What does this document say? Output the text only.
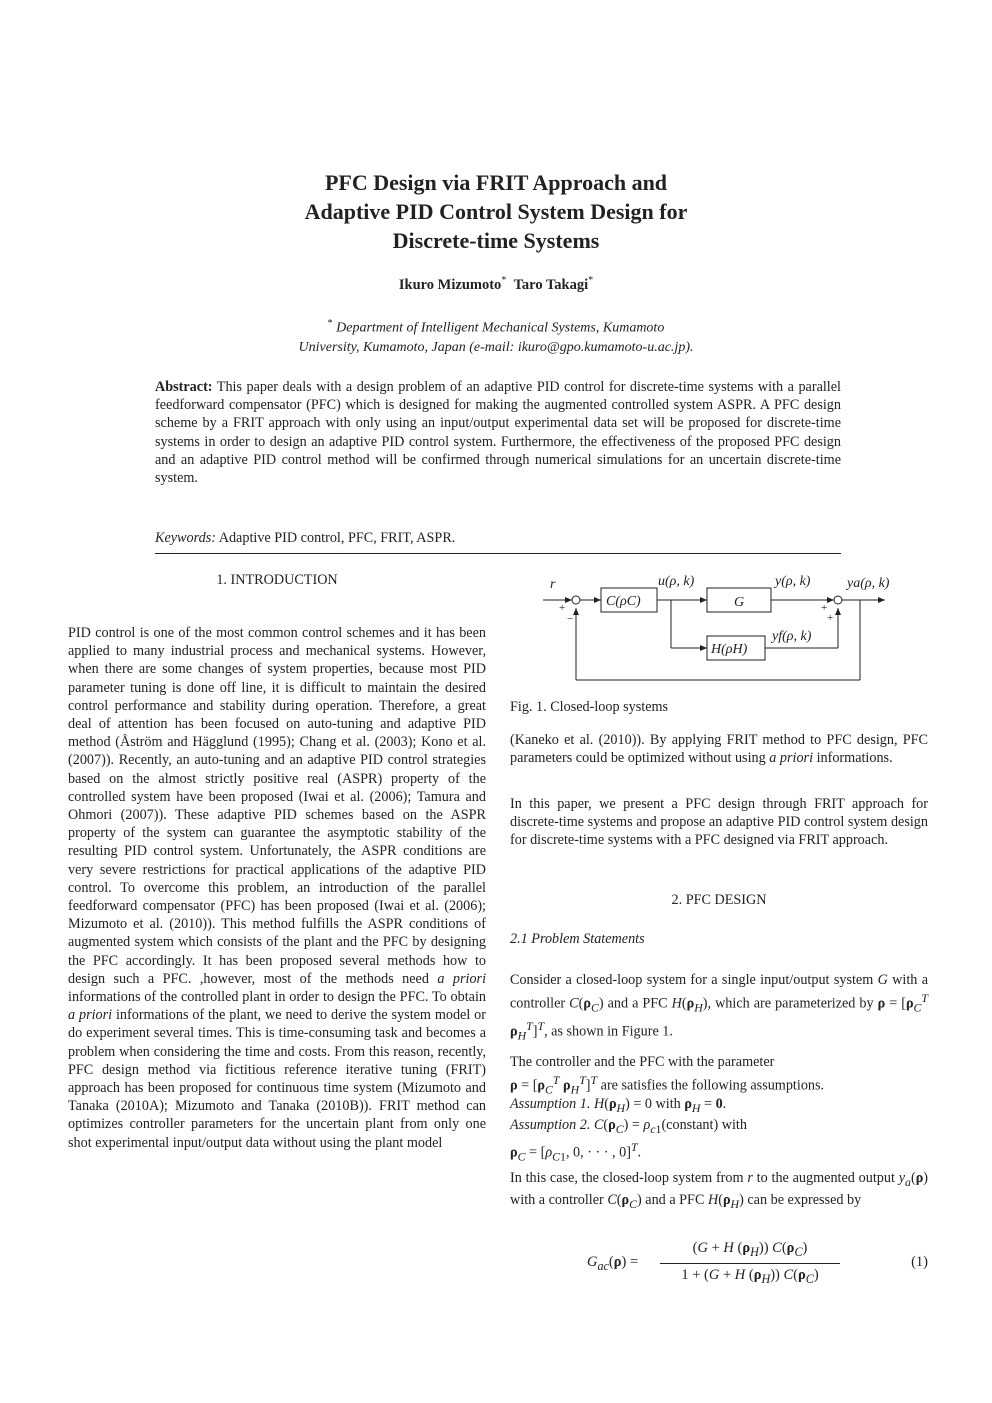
PFC Design via FRIT Approach and
Adaptive PID Control System Design for
Discrete-time Systems
Ikuro Mizumoto* Taro Takagi*
* Department of Intelligent Mechanical Systems, Kumamoto
University, Kumamoto, Japan (e-mail: ikuro@gpo.kumamoto-u.ac.jp).
Abstract: This paper deals with a design problem of an adaptive PID control for discrete-time systems with a parallel feedforward compensator (PFC) which is designed for making the augmented controlled system ASPR. A PFC design scheme by a FRIT approach with only using an input/output experimental data set will be proposed for discrete-time systems in order to design an adaptive PID control system. Furthermore, the effectiveness of the proposed PFC design and an adaptive PID control method will be confirmed through numerical simulations for an uncertain discrete-time system.
Keywords: Adaptive PID control, PFC, FRIT, ASPR.
1. INTRODUCTION
PID control is one of the most common control schemes and it has been applied to many industrial process and mechanical systems. However, when there are some changes of system properties, because most PID parameter tuning is done off line, it is difficult to maintain the desired control performance and stability during operation. Therefore, a great deal of attention has been focused on auto-tuning and adaptive PID method (Åström and Hägglund (1995); Chang et al. (2003); Kono et al. (2007)). Recently, an auto-tuning and an adaptive PID control strategies based on the almost strictly positive real (ASPR) property of the controlled system have been proposed (Iwai et al. (2006); Tamura and Ohmori (2007)). These adaptive PID schemes based on the ASPR property of the system can guarantee the asymptotic stability of the resulting PID control system. Unfortunately, the ASPR conditions are very severe restrictions for practical applications of the adaptive PID control. To overcome this problem, an introduction of the parallel feedforward compensator (PFC) has been proposed (Iwai et al. (2006); Mizumoto et al. (2010)). This method fulfills the ASPR conditions of augmented system which consists of the plant and the PFC by designing the PFC accordingly. It has been proposed several methods how to design such a PFC. ,however, most of the methods need a priori informations of the controlled plant in order to design the PFC. To obtain a priori informations of the plant, we need to derive the system model or do experiment several times. This is time-consuming task and becomes a problem when considering the time and costs. From this reason, recently, PFC design method via fictitious reference iterative tuning (FRIT) approach has been proposed for continuous time system (Mizumoto and Tanaka (2010A); Mizumoto and Tanaka (2010B)). FRIT method can optimizes controller parameters for the uncertain plant from only one shot experimental input/output data without using the plant model
r
+
−
C(ρC)
u(ρ, k)
G
y(ρ, k)	ya(ρ, k)
+
+
H(ρH)
yf(ρ, k)
Fig. 1. Closed-loop systems
(Kaneko et al. (2010)). By applying FRIT method to PFC design, PFC parameters could be optimized without using a priori informations.
In this paper, we present a PFC design through FRIT approach for discrete-time systems and propose an adaptive PID control system design for discrete-time systems with a PFC designed via FRIT approach.
2. PFC DESIGN
2.1 Problem Statements
Consider a closed-loop system for a single input/output system G with a controller $C(\rho_C)$ and a PFC $H(\rho_H)$, which are parameterized by $\rho = [\rho_C^T$ $\rho_H^T]^T$, as shown in Figure 1.
The controller and the PFC with the parameter
$\rho = [\rho_C^T$ $\rho_H^T]^T$ are satisfies the following assumptions.
Assumption 1. $H(\rho_H) = 0$ with $\rho_H = 0$.
Assumption 2. $C(\rho_C)$ = $\rho_{c1}(constant)$ with
$\rho_C = [\rho_{C1}$, 0, · · · , 0]$^T$.
In this case, the closed-loop system from r to the augmented output $y_a(\rho)$ with a controller $C(\rho_C)$ and a PFC $H(\rho_H)$ can be expressed by
$G_{ac}(\rho) = \frac{(G + H (\rho_H)) C(\rho_C)}{1 + (G + H (\rho_H)) C(\rho_C)}$	(1)
